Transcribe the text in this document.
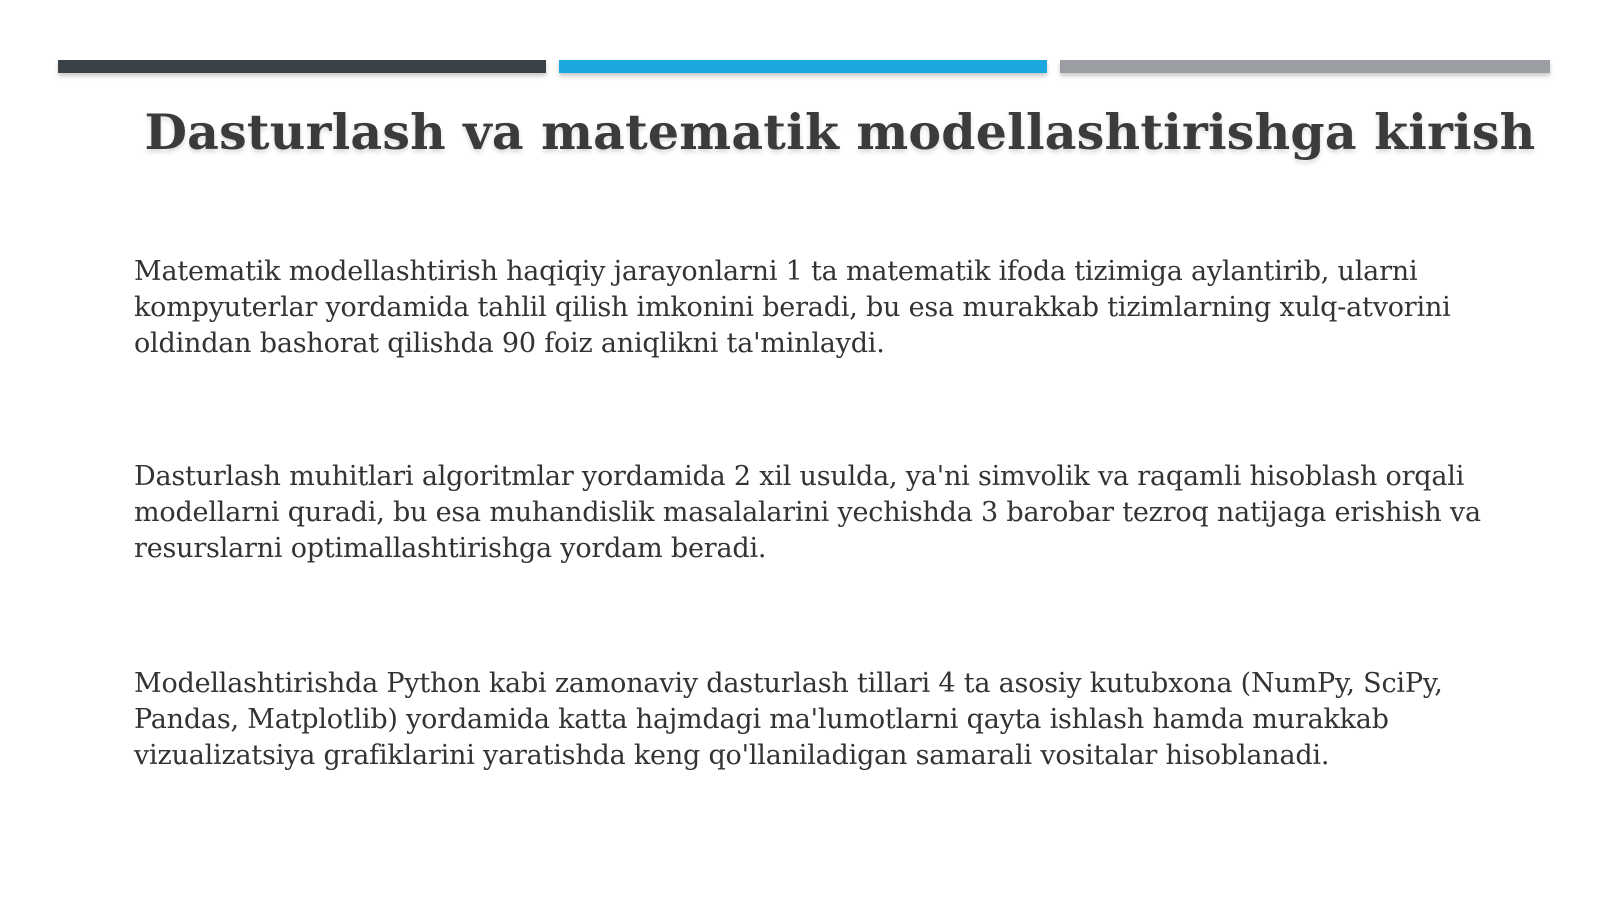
Dasturlash va matematik modellashtirishga kirish
Matematik modellashtirish haqiqiy jarayonlarni 1 ta matematik ifoda tizimiga aylantirib, ularni kompyuterlar yordamida tahlil qilish imkonini beradi, bu esa murakkab tizimlarning xulq-atvorini oldindan bashorat qilishda 90 foiz aniqlikni ta'minlaydi.
Dasturlash muhitlari algoritmlar yordamida 2 xil usulda, ya'ni simvolik va raqamli hisoblash orqali modellarni quradi, bu esa muhandislik masalalarini yechishda 3 barobar tezroq natijaga erishish va resurslarni optimallashtirishga yordam beradi.
Modellashtirishda Python kabi zamonaviy dasturlash tillari 4 ta asosiy kutubxona (NumPy, SciPy, Pandas, Matplotlib) yordamida katta hajmdagi ma'lumotlarni qayta ishlash hamda murakkab vizualizatsiya grafiklarini yaratishda keng qo'llaniladigan samarali vositalar hisoblanadi.
